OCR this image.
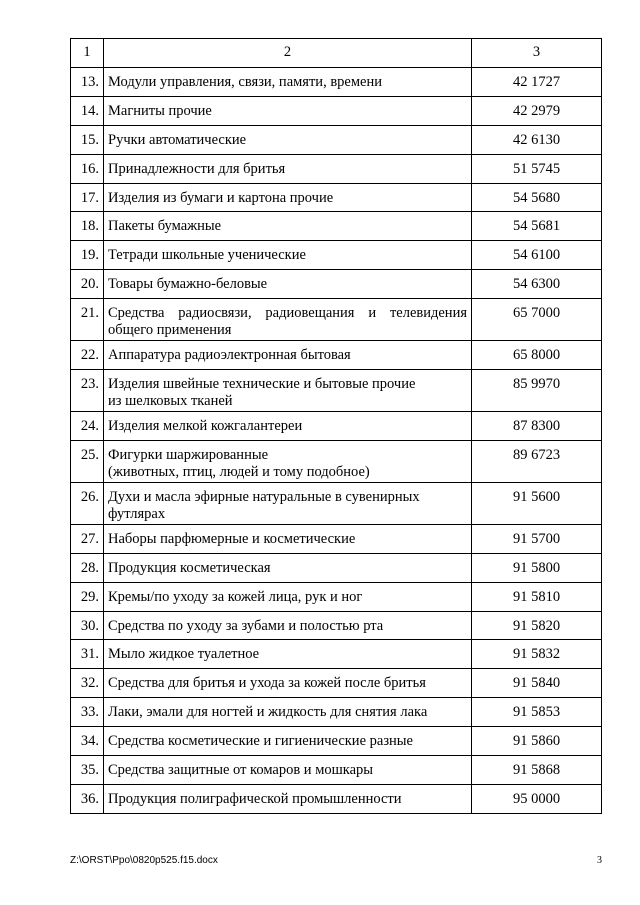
1	2	3
13.	Модули управления, связи, памяти, времени	42 1727
14.	Магниты прочие	42 2979
15.	Ручки автоматические	42 6130
16.	Принадлежности для бритья	51 5745
17.	Изделия из бумаги и картона прочие	54 5680
18.	Пакеты бумажные	54 5681
19.	Тетради школьные ученические	54 6100
20.	Товары бумажно-беловые	54 6300
21.	Средства радиосвязи, радиовещания и телевидения общего применения	65 7000
22.	Аппаратура радиоэлектронная бытовая	65 8000
23.	Изделия швейные технические и бытовые прочие
из шелковых тканей	85 9970
24.	Изделия мелкой кожгалантереи	87 8300
25.	Фигурки шаржированные
(животных, птиц, людей и тому подобное)	89 6723
26.	Духи и масла эфирные натуральные в сувенирных
футлярах	91 5600
27.	Наборы парфюмерные и косметические	91 5700
28.	Продукция косметическая	91 5800
29.	Кремы/по уходу за кожей лица, рук и ног	91 5810
30.	Средства по уходу за зубами и полостью рта	91 5820
31.	Мыло жидкое туалетное	91 5832
32.	Средства для бритья и ухода за кожей после бритья	91 5840
33.	Лаки, эмали для ногтей и жидкость для снятия лака	91 5853
34.	Средства косметические и гигиенические разные	91 5860
35.	Средства защитные от комаров и мошкары	91 5868
36.	Продукция полиграфической промышленности	95 0000
Z:\ORST\Ppo\0820p525.f15.docx	3
